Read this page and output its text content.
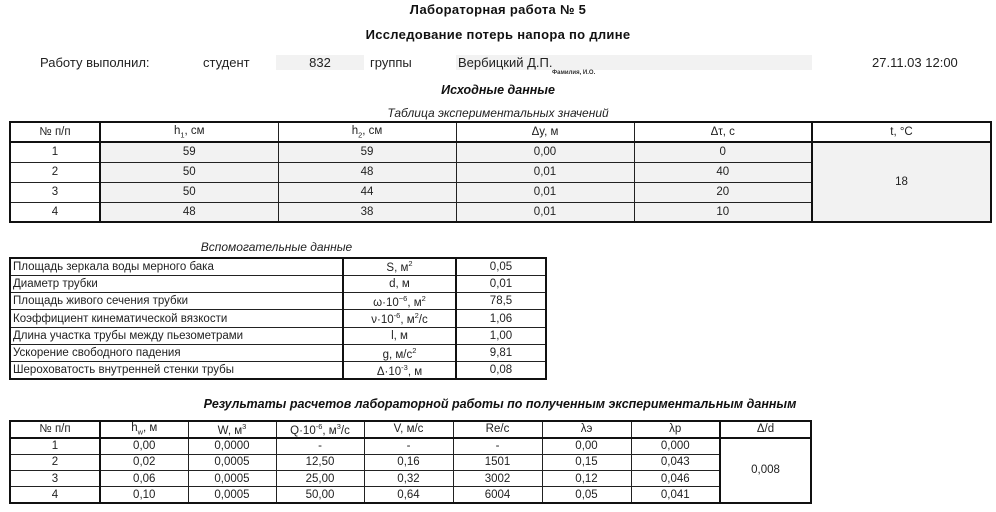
Лабораторная работа № 5
Исследование потерь напора по длине
Работу выполнил:	студент	832	группы	Вербицкий Д.П.	27.11.03 12:00
Фамилия, И.О.
Исходные данные
Таблица экспериментальных значений
№ п/п	$h_1$, см	$h_2$, см	Δy, м	Δτ, с	t, °C
1	59	59	0,00	0	18
2	50	48	0,01	40	
3	50	44	0,01	20	
4	48	38	0,01	10	
Вспомогательные данные
Площадь зеркала воды мерного бака	S, $м^2$	0,05
Диаметр трубки	d, м	0,01
Площадь живого сечения трубки	$\omega\cdot 10^{-6}$, $м^2$	78,5
Коэффициент кинематической вязкости	$\nu\cdot 10^{-6}$, $м^2/с$	1,06
Длина участка трубы между пьезометрами	l, м	1,00
Ускорение свободного падения	g, $м/с^2$	9,81
Шероховатость внутренней стенки трубы	$\Delta\cdot 10^{-3}$, м	0,08
Результаты расчетов лабораторной работы по полученным экспериментальным данным
№ п/п	$h_w$, м	W, $м^3$	$Q\cdot 10^{-6}$, $м^3/с$	V, м/с	Re/c	λэ	λр	Δ/d
1	0,00	0,0000	-	-	-	0,00	0,000	0,008
2	0,02	0,0005	12,50	0,16	1501	0,15	0,043	
3	0,06	0,0005	25,00	0,32	3002	0,12	0,046	
4	0,10	0,0005	50,00	0,64	6004	0,05	0,041	
